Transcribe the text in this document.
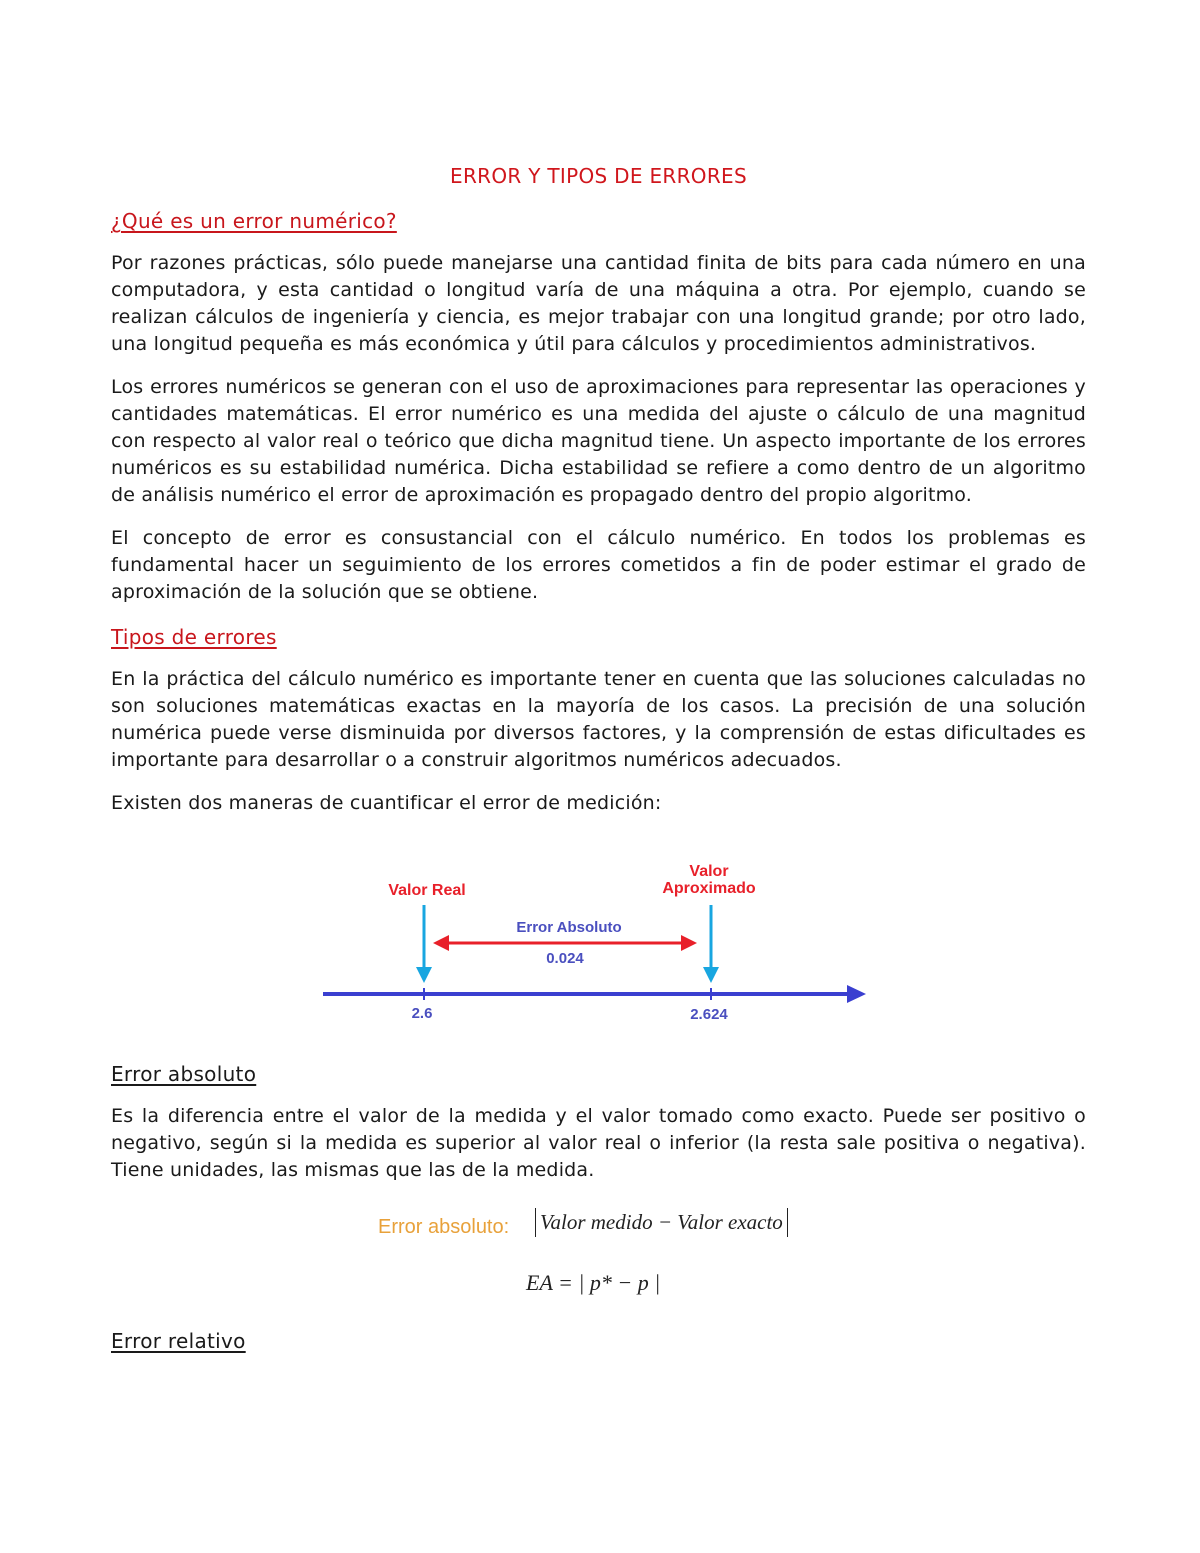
ERROR Y TIPOS DE ERRORES
¿Qué es un error numérico?

Por razones prácticas, sólo puede manejarse una cantidad finita de bits para cada número en una computadora, y esta cantidad o longitud varía de una máquina a otra. Por ejemplo, cuando se realizan cálculos de ingeniería y ciencia, es mejor trabajar con una longitud grande; por otro lado, una longitud pequeña es más económica y útil para cálculos y procedimientos administrativos.

Los errores numéricos se generan con el uso de aproximaciones para representar las operaciones y cantidades matemáticas. El error numérico es una medida del ajuste o cálculo de una magnitud con respecto al valor real o teórico que dicha magnitud tiene. Un aspecto importante de los errores numéricos es su estabilidad numérica. Dicha estabilidad se refiere a como dentro de un algoritmo de análisis numérico el error de aproximación es propagado dentro del propio algoritmo.

El concepto de error es consustancial con el cálculo numérico. En todos los problemas es fundamental hacer un seguimiento de los errores cometidos a fin de poder estimar el grado de aproximación de la solución que se obtiene.

Tipos de errores

En la práctica del cálculo numérico es importante tener en cuenta que las soluciones calculadas no son soluciones matemáticas exactas en la mayoría de los casos. La precisión de una solución numérica puede verse disminuida por diversos factores, y la comprensión de estas dificultades es importante para desarrollar o a construir algoritmos numéricos adecuados.

Existen dos maneras de cuantificar el error de medición:

Valor Real
Valor
Aproximado
Error Absoluto
0.024
2.6	2.624
Error absoluto

Es la diferencia entre el valor de la medida y el valor tomado como exacto. Puede ser positivo o negativo, según si la medida es superior al valor real o inferior (la resta sale positiva o negativa). Tiene unidades, las mismas que las de la medida.

Error absoluto: Valor medido − Valor exacto
EA = | p* − p |
Error relativo
